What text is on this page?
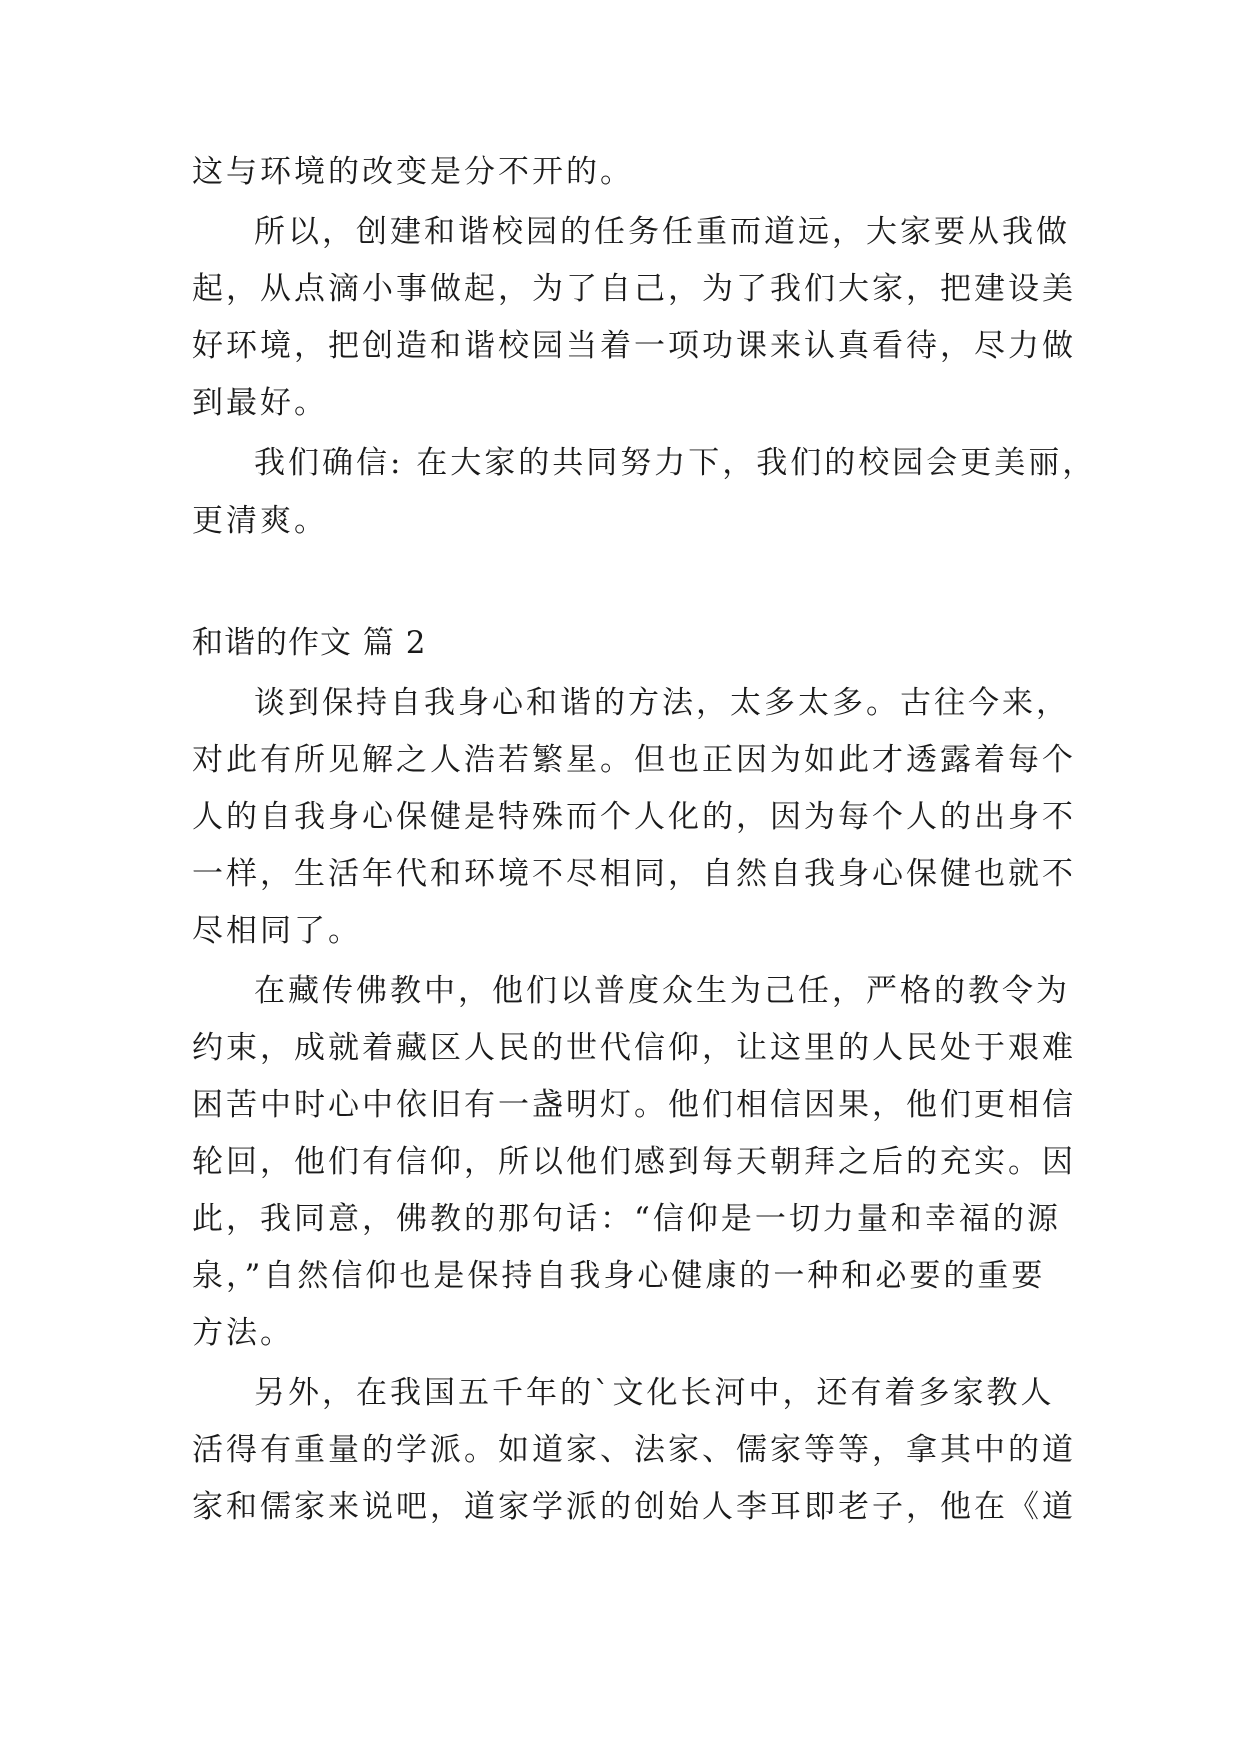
这与环境的改变是分不开的。
所以，创建和谐校园的任务任重而道远，大家要从我做
起，从点滴小事做起，为了自己，为了我们大家，把建设美
好环境，把创造和谐校园当着一项功课来认真看待，尽力做
到最好。
我们确信: 在大家的共同努力下，我们的校园会更美丽，
更清爽。
和谐的作文 篇 2
谈到保持自我身心和谐的方法，太多太多。古往今来，
对此有所见解之人浩若繁星。但也正因为如此才透露着每个
人的自我身心保健是特殊而个人化的，因为每个人的出身不
一样，生活年代和环境不尽相同，自然自我身心保健也就不
尽相同了。
在藏传佛教中，他们以普度众生为己任，严格的教令为
约束，成就着藏区人民的世代信仰，让这里的人民处于艰难
困苦中时心中依旧有一盏明灯。他们相信因果，他们更相信
轮回，他们有信仰，所以他们感到每天朝拜之后的充实。因
此，我同意，佛教的那句话：“信仰是一切力量和幸福的源
泉，”自然信仰也是保持自我身心健康的一种和必要的重要
方法。
另外，在我国五千年的`文化长河中，还有着多家教人
活得有重量的学派。如道家、法家、儒家等等，拿其中的道
家和儒家来说吧，道家学派的创始人李耳即老子，他在《道
